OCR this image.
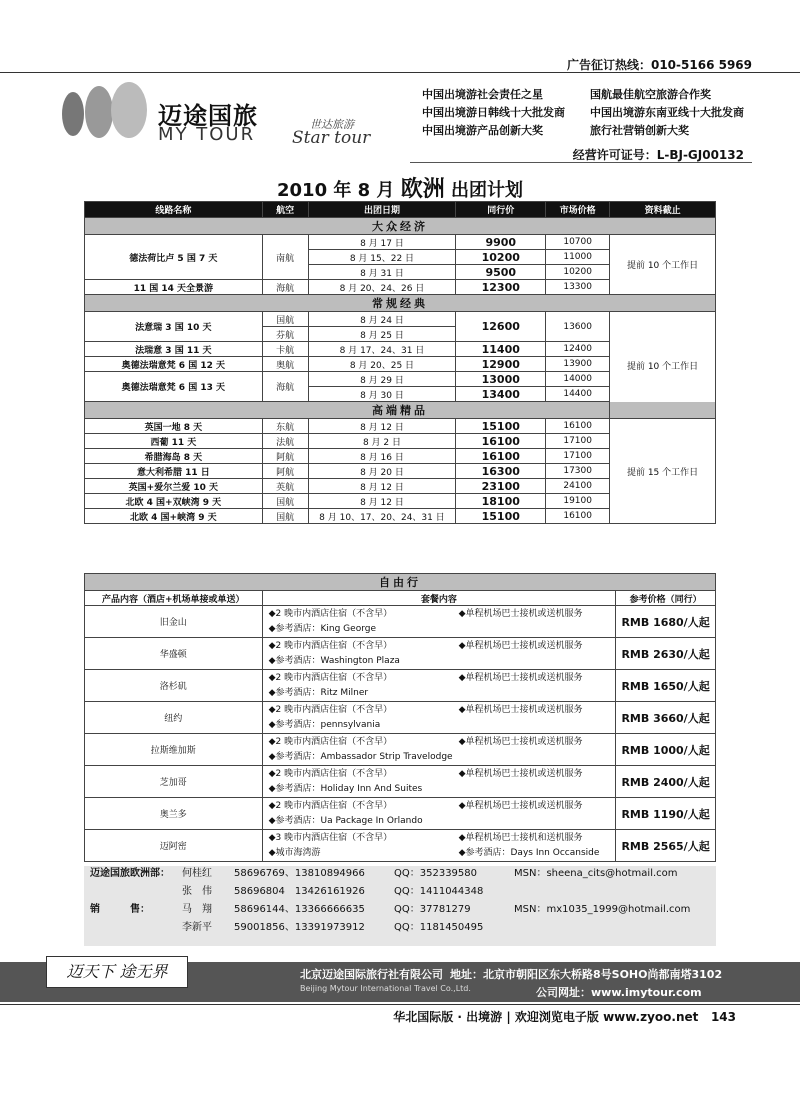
广告征订热线：010-5166 5969
迈途国旅
MY TOUR	世达旅游
Star tour
中国出境游社会责任之星
中国出境游日韩线十大批发商
中国出境游产品创新大奖
国航最佳航空旅游合作奖
中国出境游东南亚线十大批发商
旅行社营销创新大奖
经营许可证号：L-BJ-GJ00132
2010 年 8 月 欧洲 出团计划
线路名称	航空	出团日期	同行价	市场价格	资料截止
大众经济					
德法荷比卢 5 国 7 天	南航	8 月 17 日	9900	10700	提前 10 个工作日
		8 月 15、22 日	10200	11000	
		8 月 31 日	9500	10200	
11 国 14 天全景游	海航	8 月 20、24、26 日	12300	13300	
常规经典					
法意瑞 3 国 10 天	国航	8 月 24 日	12600	13600	提前 10 个工作日
	芬航	8 月 25 日			
法瑞意 3 国 11 天	卡航	8 月 17、24、31 日	11400	12400	
奥德法瑞意梵 6 国 12 天	奥航	8 月 20、25 日	12900	13900	
奥德法瑞意梵 6 国 13 天	海航	8 月 29 日	13000	14000	
		8 月 30 日	13400	14400	
高端精品					
英国一地 8 天	东航	8 月 12 日	15100	16100	提前 15 个工作日
西葡 11 天	法航	8 月 2 日	16100	17100	
希腊海岛 8 天	阿航	8 月 16 日	16100	17100	
意大利希腊 11 日	阿航	8 月 20 日	16300	17300	
英国+爱尔兰爱 10 天	英航	8 月 12 日	23100	24100	
北欧 4 国+双峡湾 9 天	国航	8 月 12 日	18100	19100	
北欧 4 国+峡湾 9 天	国航	8 月 10、17、20、24、31 日	15100	16100	
自由行		
产品内容（酒店+机场单接或单送）	套餐内容	参考价格（同行）
旧金山	◆2 晚市内酒店住宿（不含早） ◆单程机场巴士接机或送机服务
◆参考酒店：King George	RMB 1680/人起
华盛顿	◆2 晚市内酒店住宿（不含早） ◆单程机场巴士接机或送机服务
◆参考酒店：Washington Plaza	RMB 2630/人起
洛杉矶	◆2 晚市内酒店住宿（不含早） ◆单程机场巴士接机或送机服务
◆参考酒店：Ritz Milner	RMB 1650/人起
纽约	◆2 晚市内酒店住宿（不含早） ◆单程机场巴士接机或送机服务
◆参考酒店：pennsylvania	RMB 3660/人起
拉斯维加斯	◆2 晚市内酒店住宿（不含早） ◆单程机场巴士接机或送机服务
◆参考酒店：Ambassador Strip Travelodge	RMB 1000/人起
芝加哥	◆2 晚市内酒店住宿（不含早） ◆单程机场巴士接机或送机服务
◆参考酒店：Holiday Inn And Suites	RMB 2400/人起
奥兰多	◆2 晚市内酒店住宿（不含早） ◆单程机场巴士接机或送机服务
◆参考酒店：Ua Package In Orlando	RMB 1190/人起
迈阿密	◆3 晚市内酒店住宿（不含早） ◆单程机场巴士接机和送机服务
◆城市海湾游 ◆参考酒店：Days Inn Occanside	RMB 2565/人起
迈途国旅欧洲部： 何桂红 58696769、13810894966	QQ：352339580	MSN：sheena_cits@hotmail.com
张　伟 58696804　13426161926	QQ：1411044348
销　　　售：	马　翔 58696144、13366666635	QQ：37781279	MSN：mx1035_1999@hotmail.com
李新平 59001856、13391973912	QQ：1181450495
迈天下 途无界	北京迈途国际旅行社有限公司
Beijing Mytour International Travel Co.,Ltd.
地址：北京市朝阳区东大桥路8号SOHO尚都南塔3102
公司网址：www.imytour.com
华北国际版 · 出境游 | 欢迎浏览电子版 www.zyoo.net 143
